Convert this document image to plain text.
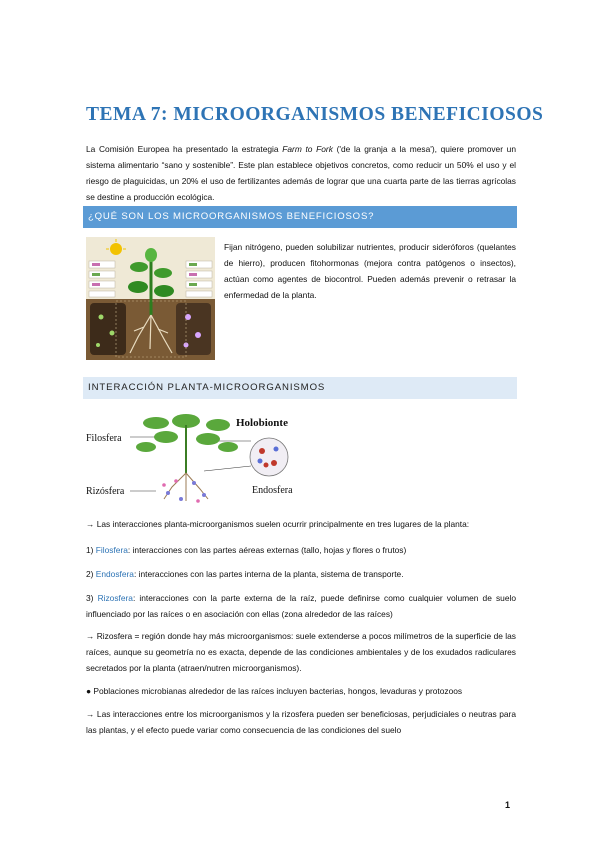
TEMA 7: MICROORGANISMOS BENEFICIOSOS

La Comisión Europea ha presentado la estrategia Farm to Fork ('de la granja a la mesa'), quiere promover un sistema alimentario “sano y sostenible”. Este plan establece objetivos concretos, como reducir un 50% el uso y el riesgo de plaguicidas, un 20% el uso de fertilizantes además de lograr que una cuarta parte de las tierras agrícolas se destine a producción ecológica.

¿QUÉ SON LOS MICROORGANISMOS BENEFICIOSOS?

Fijan nitrógeno, pueden solubilizar nutrientes, producir sideróforos (quelantes de hierro), producen fitohormonas (mejora contra patógenos o insectos), actúan como agentes de biocontrol. Pueden además prevenir o retrasar la enfermedad de la planta.

INTERACCIÓN PLANTA-MICROORGANISMOS
Holobionte
Filosfera
Rizósfera	Endosfera

→ Las interacciones planta-microorganismos suelen ocurrir principalmente en tres lugares de la planta:

1) Filosfera: interacciones con las partes aéreas externas (tallo, hojas y flores o frutos)

2) Endosfera: interacciones con las partes interna de la planta, sistema de transporte.

3) Rizosfera: interacciones con la parte externa de la raíz, puede definirse como cualquier volumen de suelo influenciado por las raíces o en asociación con ellas (zona alrededor de las raíces)

→ Rizosfera = región donde hay más microorganismos: suele extenderse a pocos milímetros de la superficie de las raíces, aunque su geometría no es exacta, depende de las condiciones ambientales y de los exudados radiculares secretados por la planta (atraen/nutren microorganismos).

● Poblaciones microbianas alrededor de las raíces incluyen bacterias, hongos, levaduras y protozoos

→ Las interacciones entre los microorganismos y la rizosfera pueden ser beneficiosas, perjudiciales o neutras para las plantas, y el efecto puede variar como consecuencia de las condiciones del suelo

1
